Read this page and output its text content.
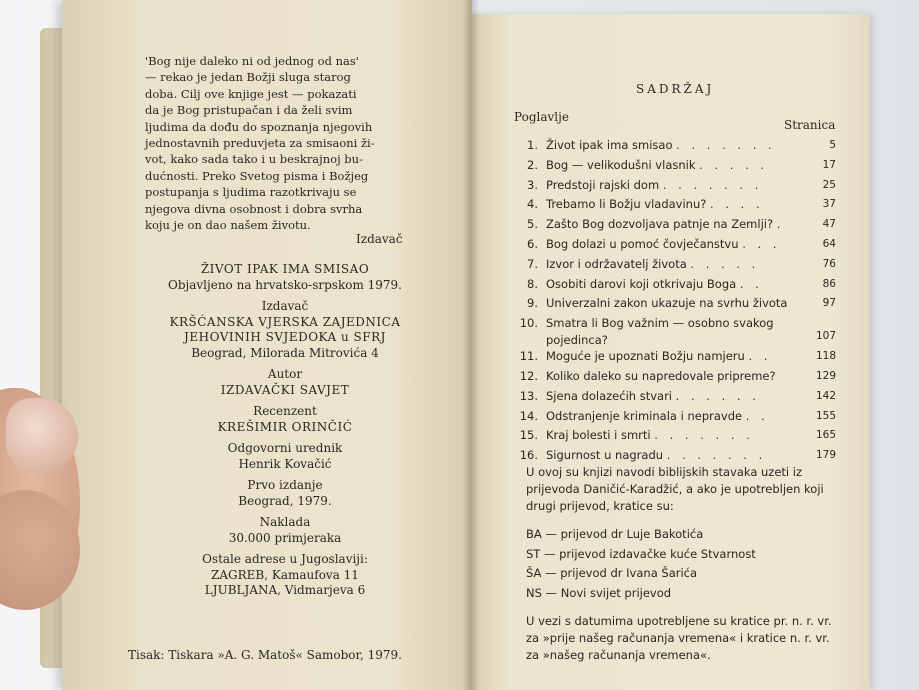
'Bog nije daleko ni od jednog od nas'
— rekao je jedan Božji sluga starog
doba. Cilj ove knjige jest — pokazati
da je Bog pristupačan i da želi svim
ljudima da dođu do spoznanja njegovih
jednostavnih preduvjeta za smisaoni ži-
vot, kako sada tako i u beskrajnoj bu-
dućnosti. Preko Svetog pisma i Božjeg
postupanja s ljudima razotkrivaju se
njegova divna osobnost i dobra svrha
koju je on dao našem životu.
Izdavač
ŽIVOT IPAK IMA SMISAO
Objavljeno na hrvatsko-srpskom 1979.
Izdavač
KRŠĆANSKA VJERSKA ZAJEDNICA
JEHOVINIH SVJEDOKA u SFRJ
Beograd, Milorada Mitrovića 4
Autor
IZDAVAČKI SAVJET
Recenzent
KREŠIMIR ORINČIĆ
Odgovorni urednik
Henrik Kovačić
Prvo izdanje
Beograd, 1979.
Naklada
30.000 primjeraka
Ostale adrese u Jugoslaviji:
ZAGREB, Kamaufova 11
LJUBLJANA, Vidmarjeva 6
Tisak: Tiskara »A. G. Matoš« Samobor, 1979.
SADRŽAJ
Poglavlje
Stranica
1. Život ipak ima smisao . . . . . . .	5
2. Bog — velikodušni vlasnik . . . . .	17
3. Predstoji rajski dom . . . . . . .	25
4. Trebamo li Božju vladavinu? . . . .	37
5. Zašto Bog dozvoljava patnje na Zemlji? .	47
6. Bog dolazi u pomoć čovječanstvu . . .	64
7. Izvor i održavatelj života . . . . .	76
8. Osobiti darovi koji otkrivaju Boga . .	86
9. Univerzalni zakon ukazuje na svrhu života	97
10. Smatra li Bog važnim — osobno svakog
pojedinca?	107
11. Moguće je upoznati Božju namjeru . .	118
12. Koliko daleko su napredovale pripreme?	129
13. Sjena dolazećih stvari . . . . . .	142
14. Odstranjenje kriminala i nepravde . .	155
15. Kraj bolesti i smrti . . . . . . .	165
16. Sigurnost u nagradu . . . . . . .	179

U ovoj su knjizi navodi biblijskih stavaka uzeti iz prijevoda Daničić-Karadžić, a ako je upotrebljen koji drugi prijevod, kratice su:

BA — prijevod dr Luje Bakotića
ST — prijevod izdavačke kuće Stvarnost
ŠA — prijevod dr Ivana Šarića
NS — Novi svijet prijevod

U vezi s datumima upotrebljene su kratice pr. n. r. vr. za »prije našeg računanja vremena« i kratice n. r. vr. za »našeg računanja vremena«.
